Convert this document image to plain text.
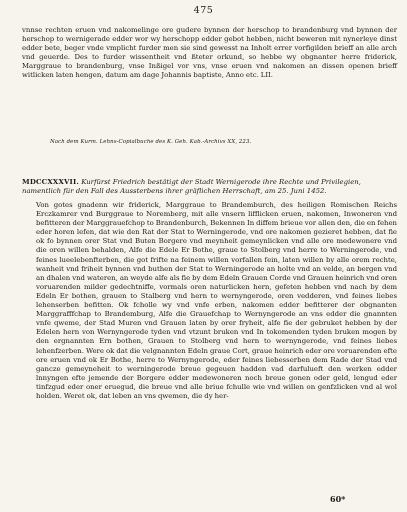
475
vnnse rechten eruen vnd nakomelinge ore gudere bynnen der herschop to brandenburg vnd bynnen der herschop to wernigerade edder wor wy herschopp edder gebot hebben, nicht beweren mit nynerleye dinst edder bete, beger vnde vmplicht furder men sie sind gewesst na Inholt errer vorfigilden brieff an alle arch vnd geuerde. Des to furder wissentheit vnd ßteter orkund, so hebbe wy obgnanter herre friderick, Marggraue to brandenburg, vnse Inßigel vor vns, vnse eruen vnd nakomen an dissen openen brieff witlicken laten hengen, datum am dage Johannis baptiste, Anno etc. LII.
Nach dem Kurm. Lehns-Copialbuche des K. Geh. Kab.-Archivs XX, 223.
MDCCXXXVII. Kurfürst Friedrich bestätigt der Stadt Wernigerode ihre Rechte und Privilegien, namentlich für den Fall des Aussterbens ihrer gräflichen Herrschaft, am 25. Juni 1452.
Von gotes gnadenn wir friderick, Marggraue to Brandemburch, des heiligen Romischen Reichs Erczkamrer vnd Burggraue to Noremberg, mit alle vnsern lifflicken eruen, nakomen, Inwoneren vnd befitteren der Marggrauefchop to Brandenburch, Bekennen In diffem brieue vor allen den, die en fehen eder horen lefen, dat wie den Rat der Stat to Werningerode, vnd ore nakomen gezieret hebben, dat fie ok fo bynnen orer Stat vnd Buten Borgere vnd meynheit gemeynlicken vnd alle ore medewonere vnd die oren willen behalden, Alfe die Edele Er Bothe, graue to Stolberg vnd herre to Werningerode, vnd feines lueelebenfterben, die got frifte na feinem willen vorfallen fein, laten willen by alle orem rechte, wanheit vnd friheit bynnen vnd buthen der Stat to Werningerode an holte vnd an velde, an bergen vnd an dhalen vnd wateren, an weyde alfe als fie by dem Edeln Grauen Corde vnd Grauen heinrich vnd oren voruarenden milder gedechtniffe, vormals oren naturlicken hern, gefeten hebben vnd nach by dem Edeln Er bothen, grauen to Stalberg vnd hern to wernyngerode, oren vedderen, vnd feines liebes lehenserben befitten. Ok fcholle wy vnd vnfe erben, nakomen edder befitterer der obgnanten Marggrafffchap to Brandemburg, Alfe die Grauefchap to Wernyngerode an vns edder die gnannten vnfe qweme, der Stad Muren vnd Grauen laten by orer fryheit, alfe fie der gebruket hebben by der Edelen hern von Wernyngerode tyden vnd vtzunt bruken vnd In tokomenden tyden bruken mogen by den ergnannten Ern bothen, Grauen to Stolberg vnd hern to wernyngerode, vnd feines liebes lehenfzerben. Were ok dat die velgnannten Edeln graue Cort, graue heinrich eder ore voruarenden efte ore eruen vnd ok Er Bothe, herre to Wernyngerode, eder feines liebesserben dem Rade der Stad vnd gancze gemeyneheit to werningerode breue gegeuen hadden vad darfulueft den werken edder lnnyngen efte jemende der Borgere edder medewoneren noch breue gonen oder geld, lengud eder tinfzgud eder oner eruegud, die breue vnd alle briue fchulle wie vnd willen on genfzlicken vnd al wol holden. Weret ok, dat leben an vns qwemen, die dy her-
60*
